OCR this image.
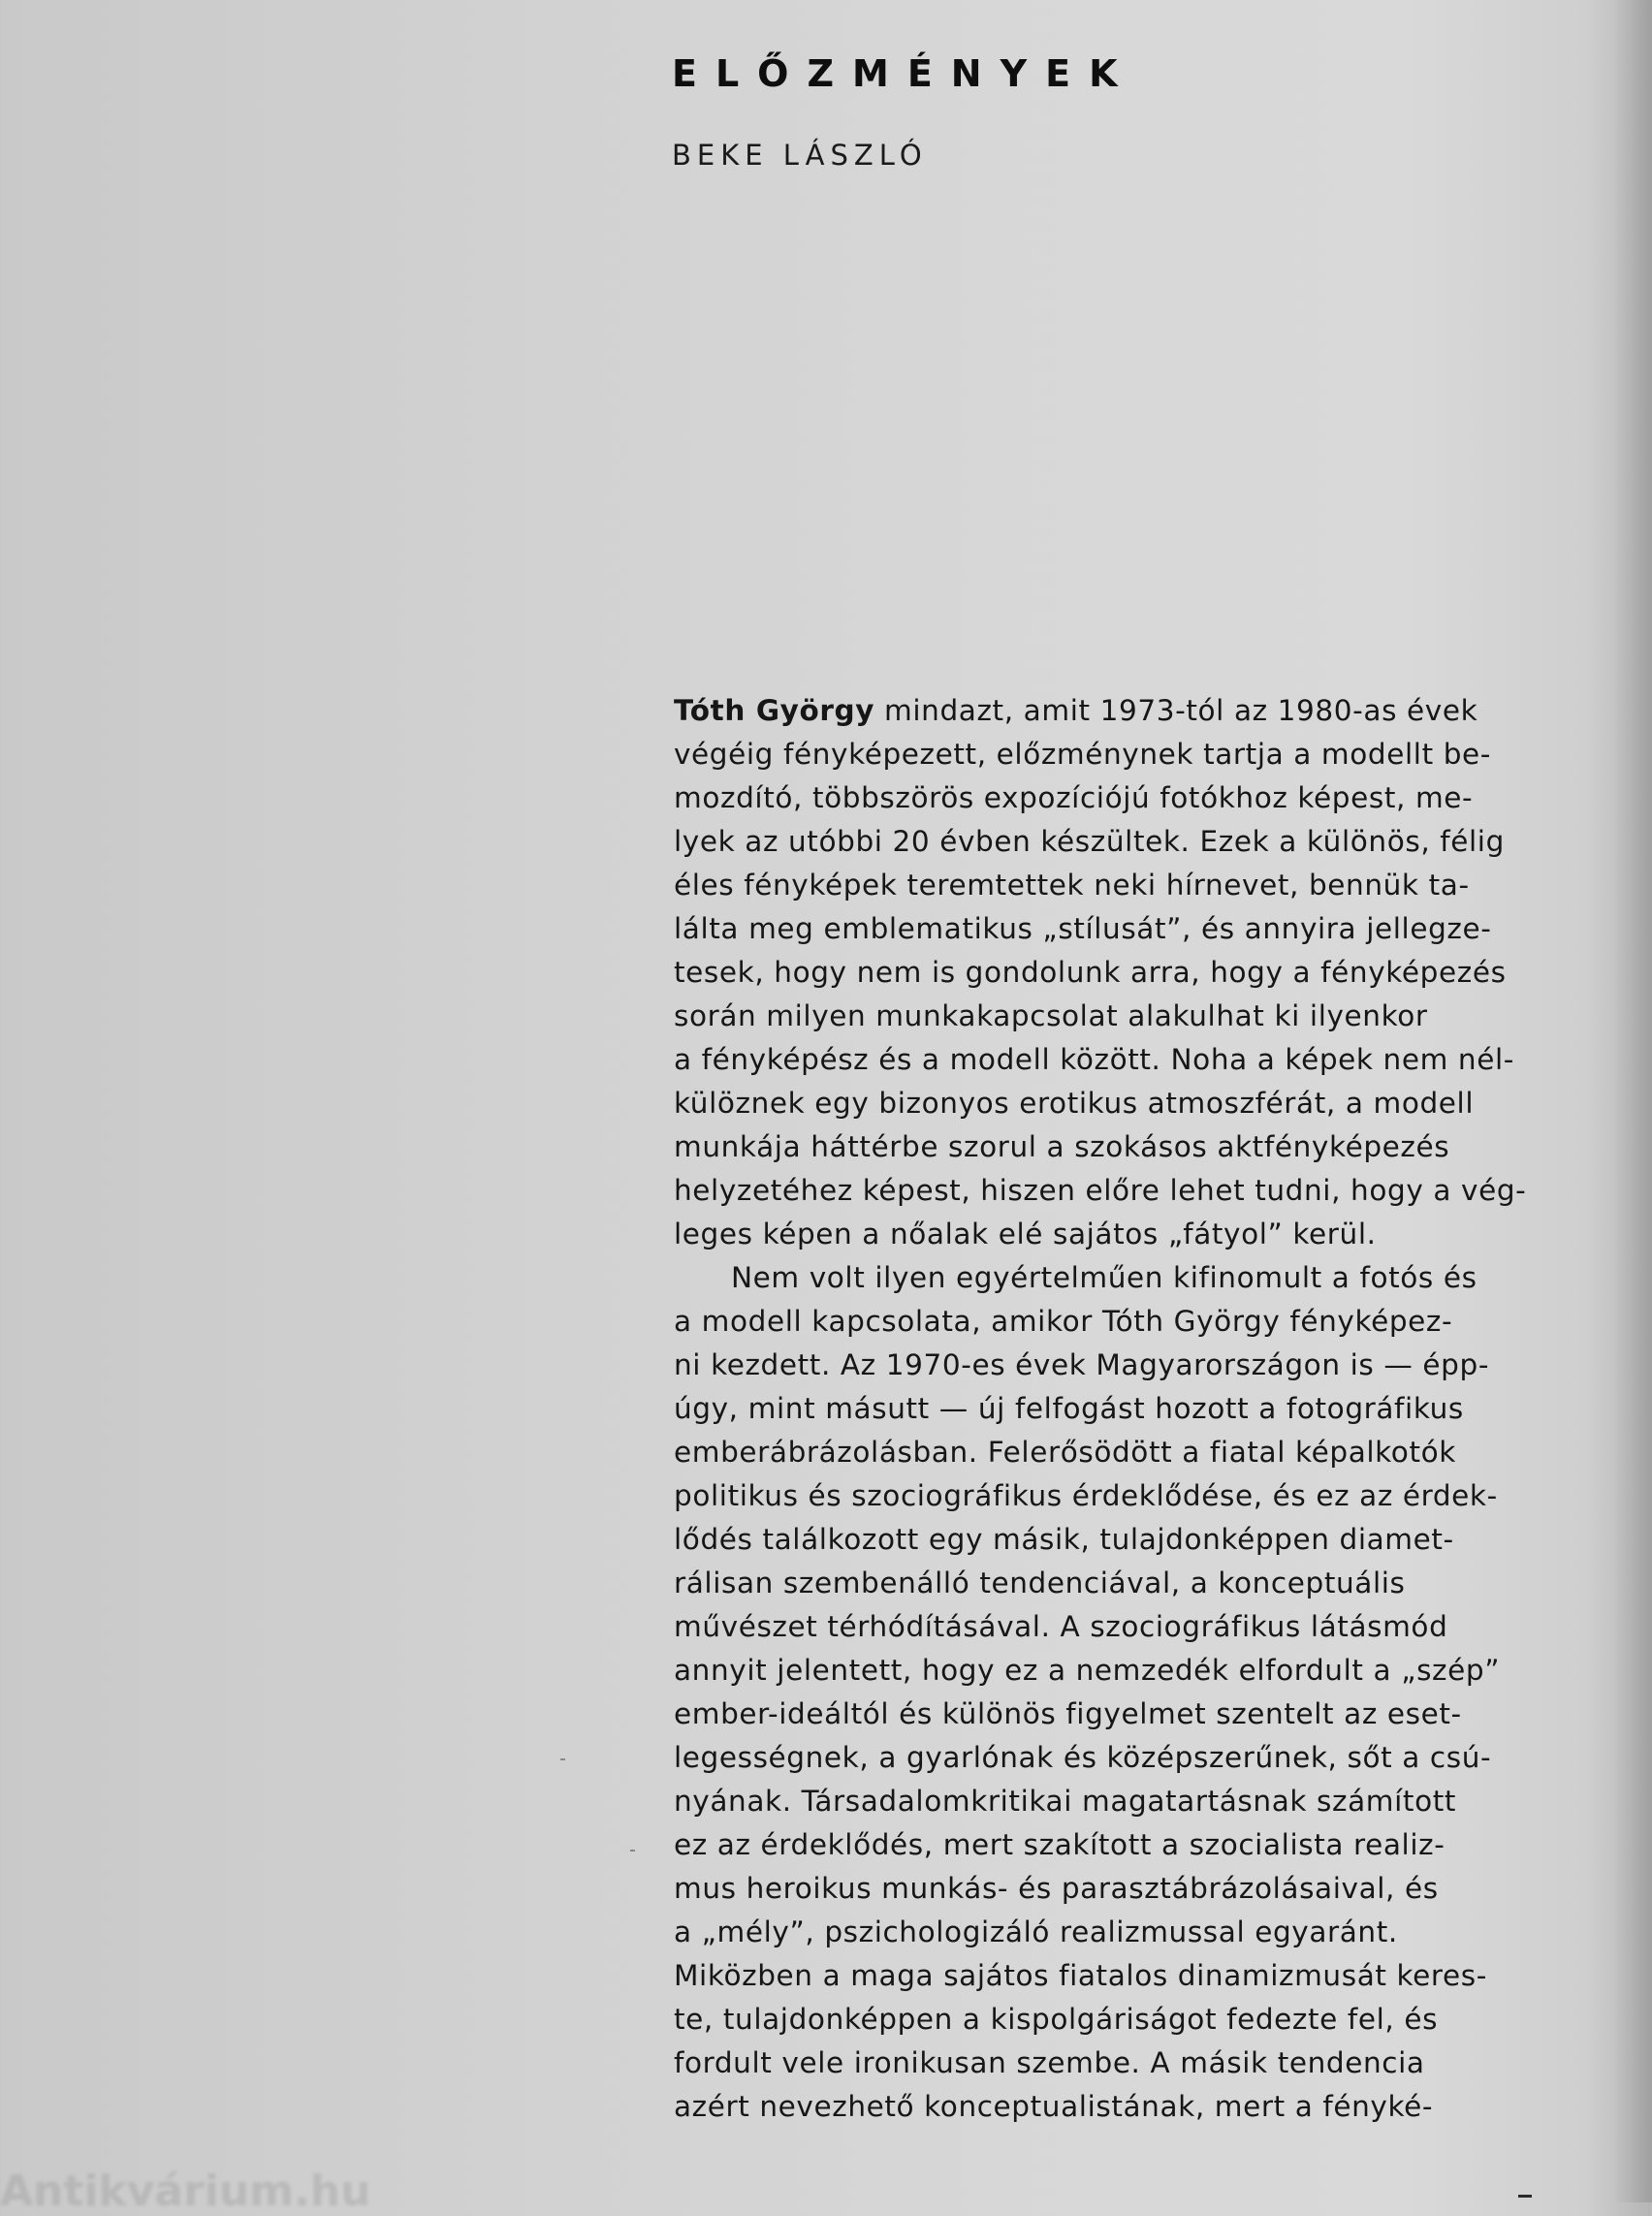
ELŐZMÉNYEK

BEKE LÁSZLÓ

Tóth György mindazt, amit 1973-tól az 1980-as évek
végéig fényképezett, előzménynek tartja a modellt be-
mozdító, többszörös expozíciójú fotókhoz képest, me-
lyek az utóbbi 20 évben készültek. Ezek a különös, félig
éles fényképek teremtettek neki hírnevet, bennük ta-
lálta meg emblematikus „stílusát”, és annyira jellegze-
tesek, hogy nem is gondolunk arra, hogy a fényképezés
során milyen munkakapcsolat alakulhat ki ilyenkor
a fényképész és a modell között. Noha a képek nem nél-
külöznek egy bizonyos erotikus atmoszférát, a modell
munkája háttérbe szorul a szokásos aktfényképezés
helyzetéhez képest, hiszen előre lehet tudni, hogy a vég-
leges képen a nőalak elé sajátos „fátyol” kerül.
Nem volt ilyen egyértelműen kifinomult a fotós és
a modell kapcsolata, amikor Tóth György fényképez-
ni kezdett. Az 1970-es évek Magyarországon is — épp-
úgy, mint másutt — új felfogást hozott a fotográfikus
emberábrázolásban. Felerősödött a fiatal képalkotók
politikus és szociográfikus érdeklődése, és ez az érdek-
lődés találkozott egy másik, tulajdonképpen diamet-
rálisan szembenálló tendenciával, a konceptuális
művészet térhódításával. A szociográfikus látásmód
annyit jelentett, hogy ez a nemzedék elfordult a „szép”
ember-ideáltól és különös figyelmet szentelt az eset-
legességnek, a gyarlónak és középszerűnek, sőt a csú-
nyának. Társadalomkritikai magatartásnak számított
ez az érdeklődés, mert szakított a szocialista realiz-
mus heroikus munkás- és parasztábrázolásaival, és
a „mély”, pszichologizáló realizmussal egyaránt.
Miközben a maga sajátos fiatalos dinamizmusát keres-
te, tulajdonképpen a kispolgáriságot fedezte fel, és
fordult vele ironikusan szembe. A másik tendencia
azért nevezhető konceptualistának, mert a fényké-
Antikvárium.hu
